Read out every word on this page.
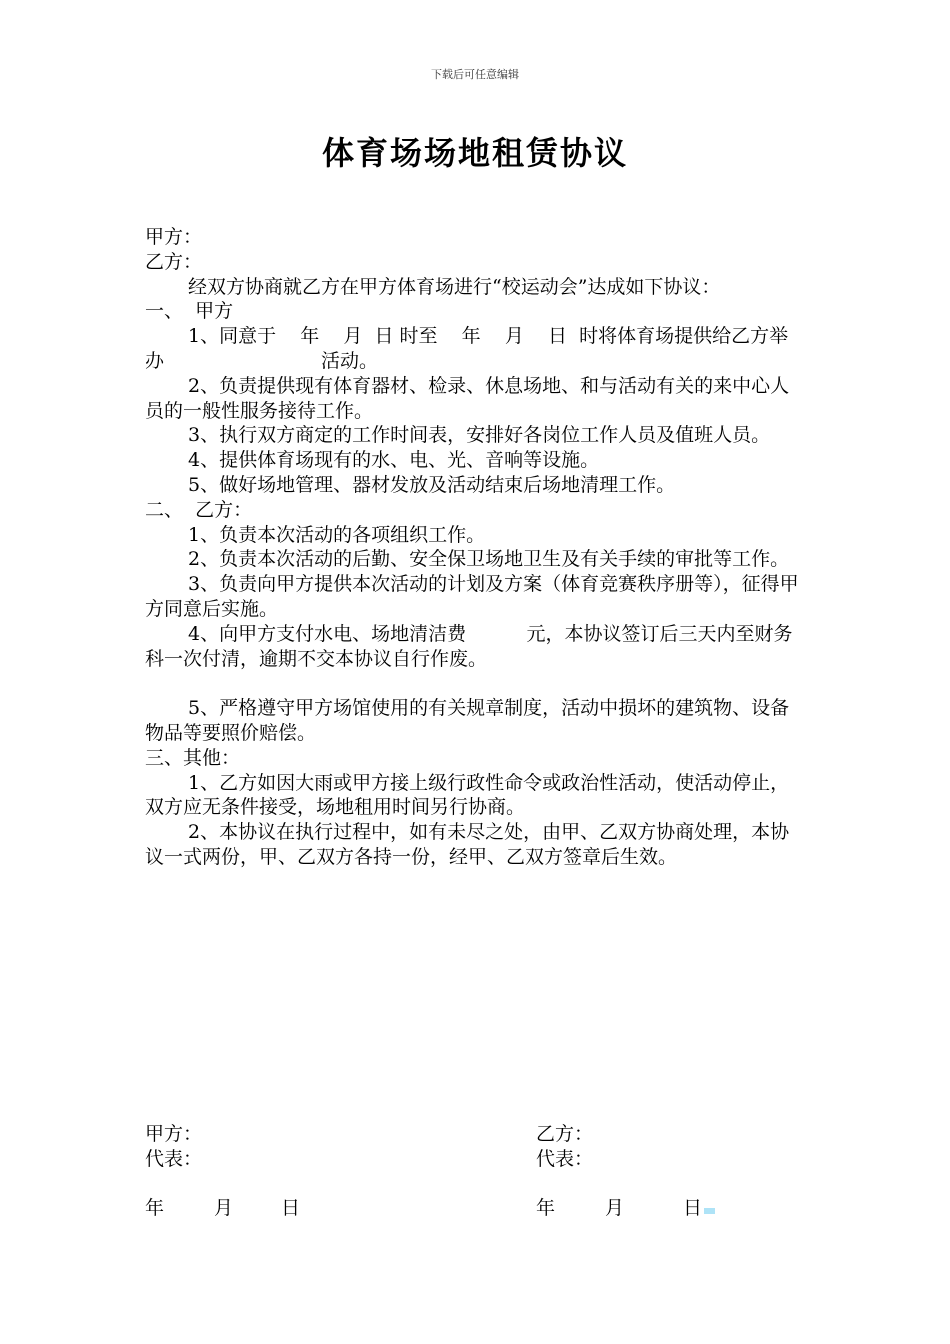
下载后可任意编辑
体育场场地租赁协议

甲方：

乙方：

经双方协商就乙方在甲方体育场进行“校运动会”达成如下协议：

一、  甲方

1、同意于    年    月  日 时至    年    月    日  时将体育场提供给乙方举办                          活动。

2、负责提供现有体育器材、检录、休息场地、和与活动有关的来中心人员的一般性服务接待工作。

3、执行双方商定的工作时间表，安排好各岗位工作人员及值班人员。

4、提供体育场现有的水、电、光、音响等设施。

5、做好场地管理、器材发放及活动结束后场地清理工作。

二、  乙方：

1、负责本次活动的各项组织工作。

2、负责本次活动的后勤、安全保卫场地卫生及有关手续的审批等工作。

3、负责向甲方提供本次活动的计划及方案（体育竞赛秩序册等），征得甲方同意后实施。

4、向甲方支付水电、场地清洁费          元，本协议签订后三天内至财务科一次付清，逾期不交本协议自行作废。

5、严格遵守甲方场馆使用的有关规章制度，活动中损坏的建筑物、设备物品等要照价赔偿。

三、其他：

1、乙方如因大雨或甲方接上级行政性命令或政治性活动，使活动停止，双方应无条件接受，场地租用时间另行协商。

2、本协议在执行过程中，如有未尽之处，由甲、乙双方协商处理，本协议一式两份，甲、乙双方各持一份，经甲、乙双方签章后生效。

甲方：

代表：

乙方：

代表：

年	月	日	年	月	日
